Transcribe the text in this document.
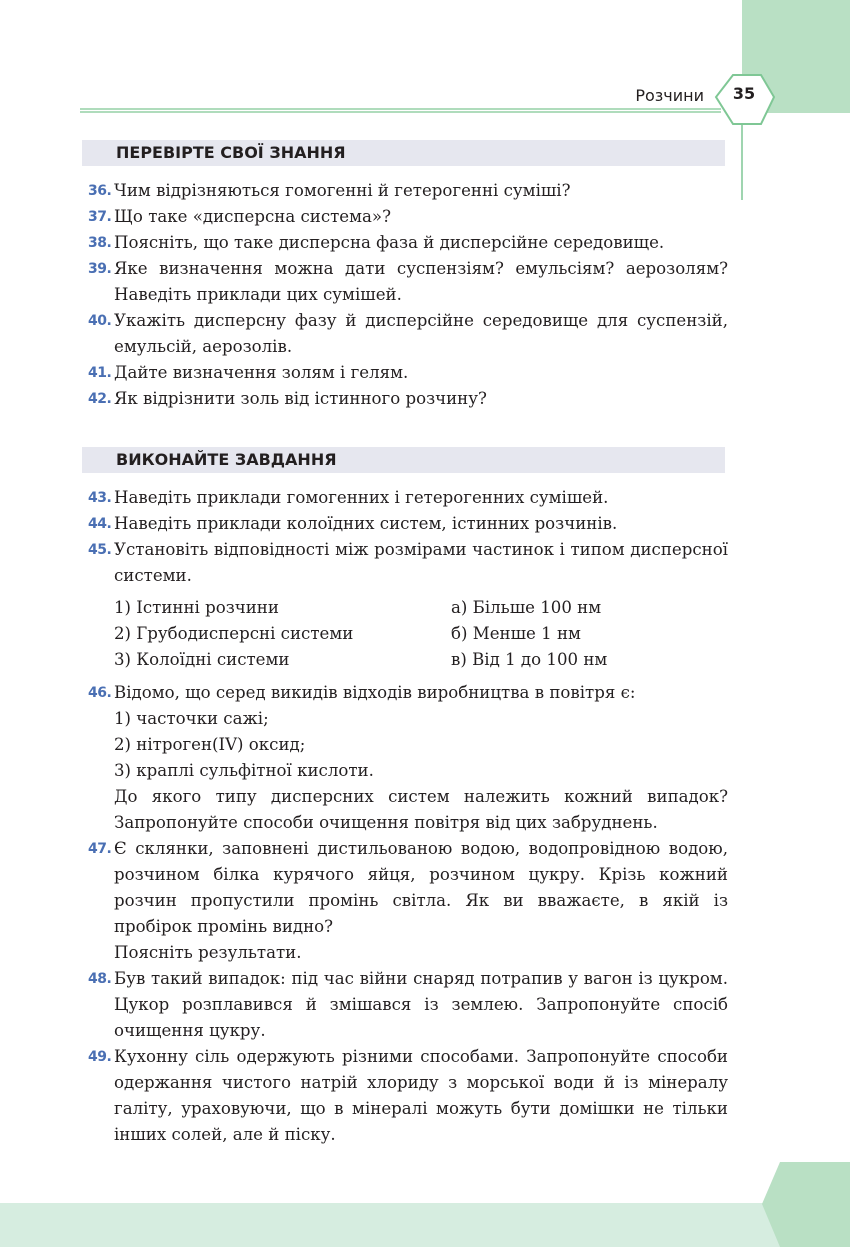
Розчини	35
ПЕРЕВІРТЕ СВОЇ ЗНАННЯ
36. Чим відрізняються гомогенні й гетерогенні суміші?
37. Що таке «дисперсна система»?
38. Поясніть, що таке дисперсна фаза й дисперсійне середовище.
39. Яке визначення можна дати суспензіям? емульсіям? аерозолям? Наведіть приклади цих сумішей.
40. Укажіть дисперсну фазу й дисперсійне середовище для суспензій, емульсій, аерозолів.
41. Дайте визначення золям і гелям.
42. Як відрізнити золь від істинного розчину?
ВИКОНАЙТЕ ЗАВДАННЯ
43. Наведіть приклади гомогенних і гетерогенних сумішей.
44. Наведіть приклади колоїдних систем, істинних розчинів.
45. Установіть відповідності між розмірами частинок і типом дисперсної системи.
1) Істинні розчини
2) Грубодисперсні системи
3) Колоїдні системи
а) Більше 100 нм
б) Менше 1 нм
в) Від 1 до 100 нм
46. Відомо, що серед викидів відходів виробництва в повітря є:
1) часточки сажі;
2) нітроген(IV) оксид;
3) краплі сульфітної кислоти.
До якого типу дисперсних систем належить кожний випадок? Запропонуйте способи очищення повітря від цих забруднень.
47. Є склянки, заповнені дистильованою водою, водопровідною водою, розчином білка курячого яйця, розчином цукру. Крізь кожний розчин пропустили промінь світла. Як ви вважаєте, в якій із пробірок промінь видно?
Поясніть результати.
48. Був такий випадок: під час війни снаряд потрапив у вагон із цукром. Цукор розплавився й змішався із землею. Запропонуйте спосіб очищення цукру.
49. Кухонну сіль одержують різними способами. Запропонуйте способи одержання чистого натрій хлориду з морської води й із мінералу галіту, ураховуючи, що в мінералі можуть бути домішки не тільки інших солей, але й піску.
